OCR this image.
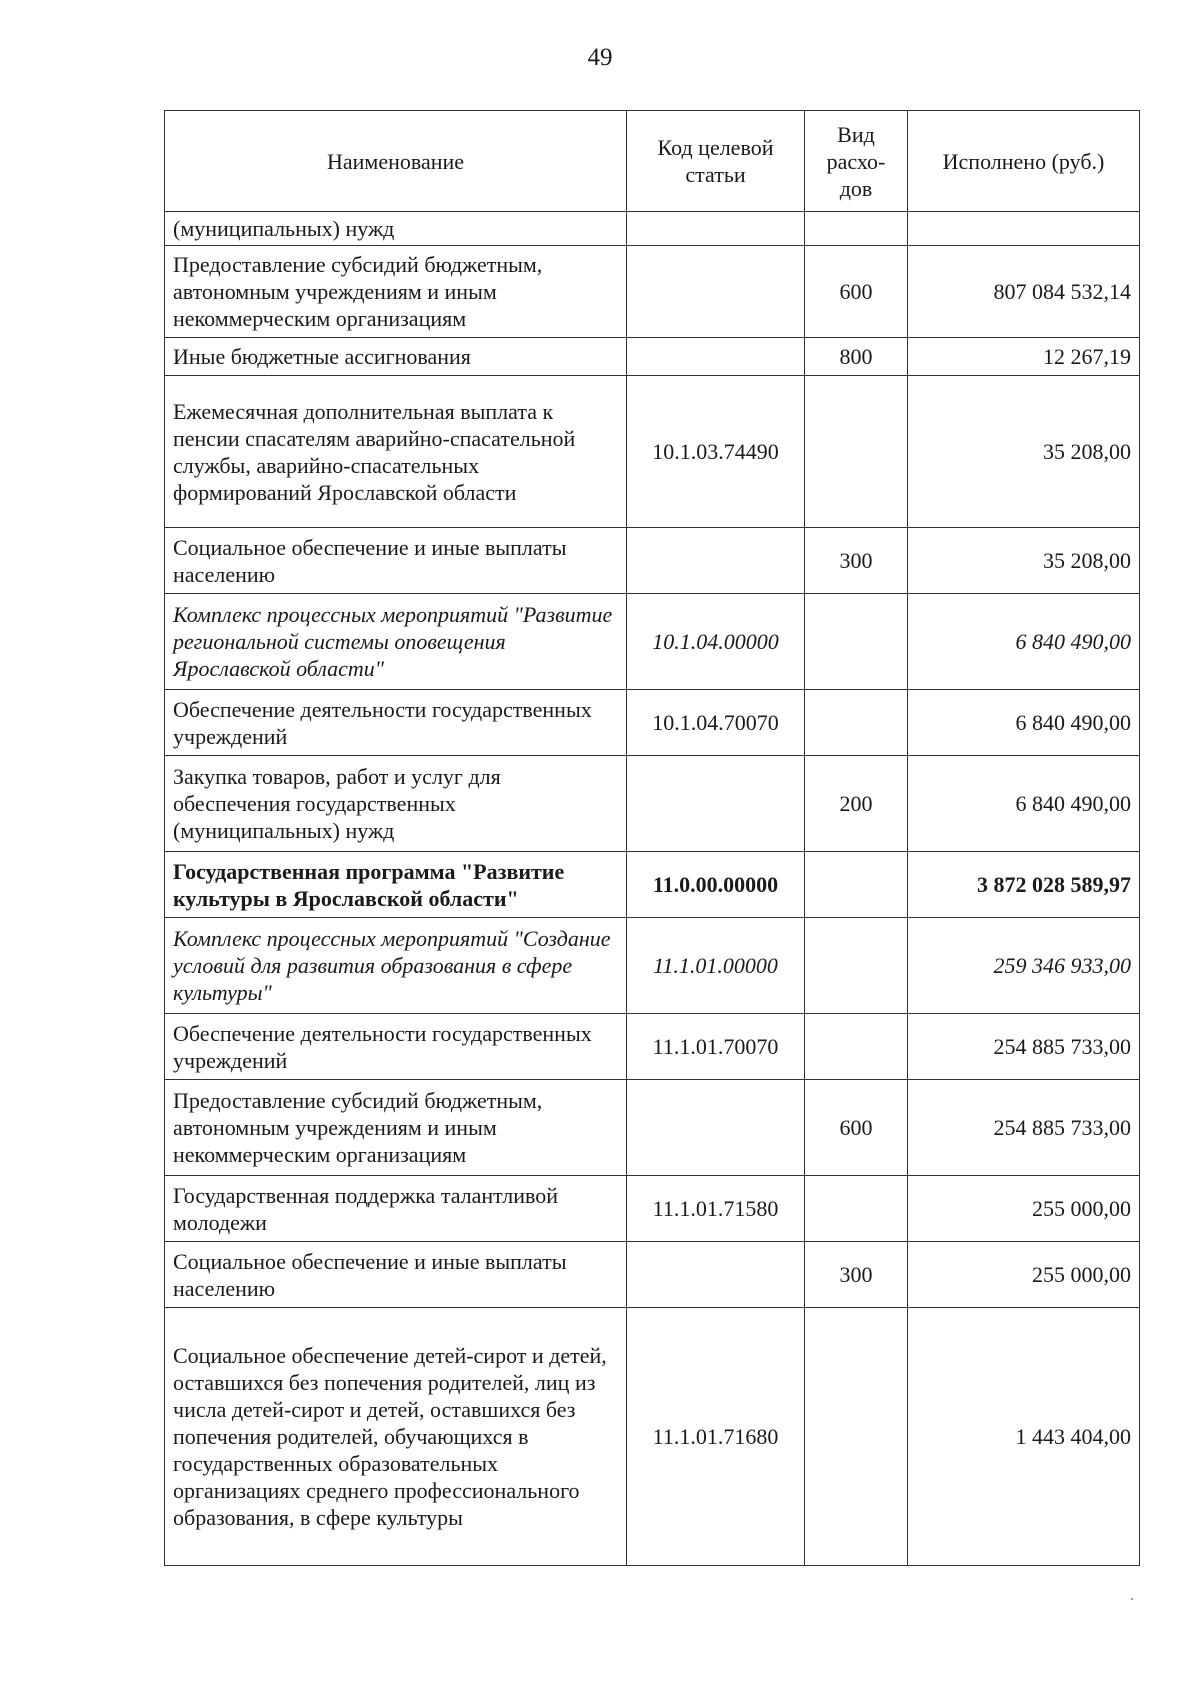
49
Наименование	Код целевой статьи	Вид расхо- дов	Исполнено (руб.)
(муниципальных) нужд			
Предоставление субсидий бюджетным, автономным учреждениям и иным некоммерческим организациям		600	807 084 532,14
Иные бюджетные ассигнования		800	12 267,19
Ежемесячная дополнительная выплата к пенсии спасателям аварийно-спасательной службы, аварийно-спасательных формирований Ярославской области	10.1.03.74490		35 208,00
Социальное обеспечение и иные выплаты населению		300	35 208,00
Комплекс процессных мероприятий "Развитие региональной системы оповещения Ярославской области"	10.1.04.00000		6 840 490,00
Обеспечение деятельности государственных учреждений	10.1.04.70070		6 840 490,00
Закупка товаров, работ и услуг для обеспечения государственных (муниципальных) нужд		200	6 840 490,00
Государственная программа "Развитие культуры в Ярославской области"	11.0.00.00000		3 872 028 589,97
Комплекс процессных мероприятий "Создание условий для развития образования в сфере культуры"	11.1.01.00000		259 346 933,00
Обеспечение деятельности государственных учреждений	11.1.01.70070		254 885 733,00
Предоставление субсидий бюджетным, автономным учреждениям и иным некоммерческим организациям		600	254 885 733,00
Государственная поддержка талантливой молодежи	11.1.01.71580		255 000,00
Социальное обеспечение и иные выплаты населению		300	255 000,00
Социальное обеспечение детей-сирот и детей, оставшихся без попечения родителей, лиц из числа детей-сирот и детей, оставшихся без попечения родителей, обучающихся в государственных образовательных организациях среднего профессионального образования, в сфере культуры	11.1.01.71680		1 443 404,00
